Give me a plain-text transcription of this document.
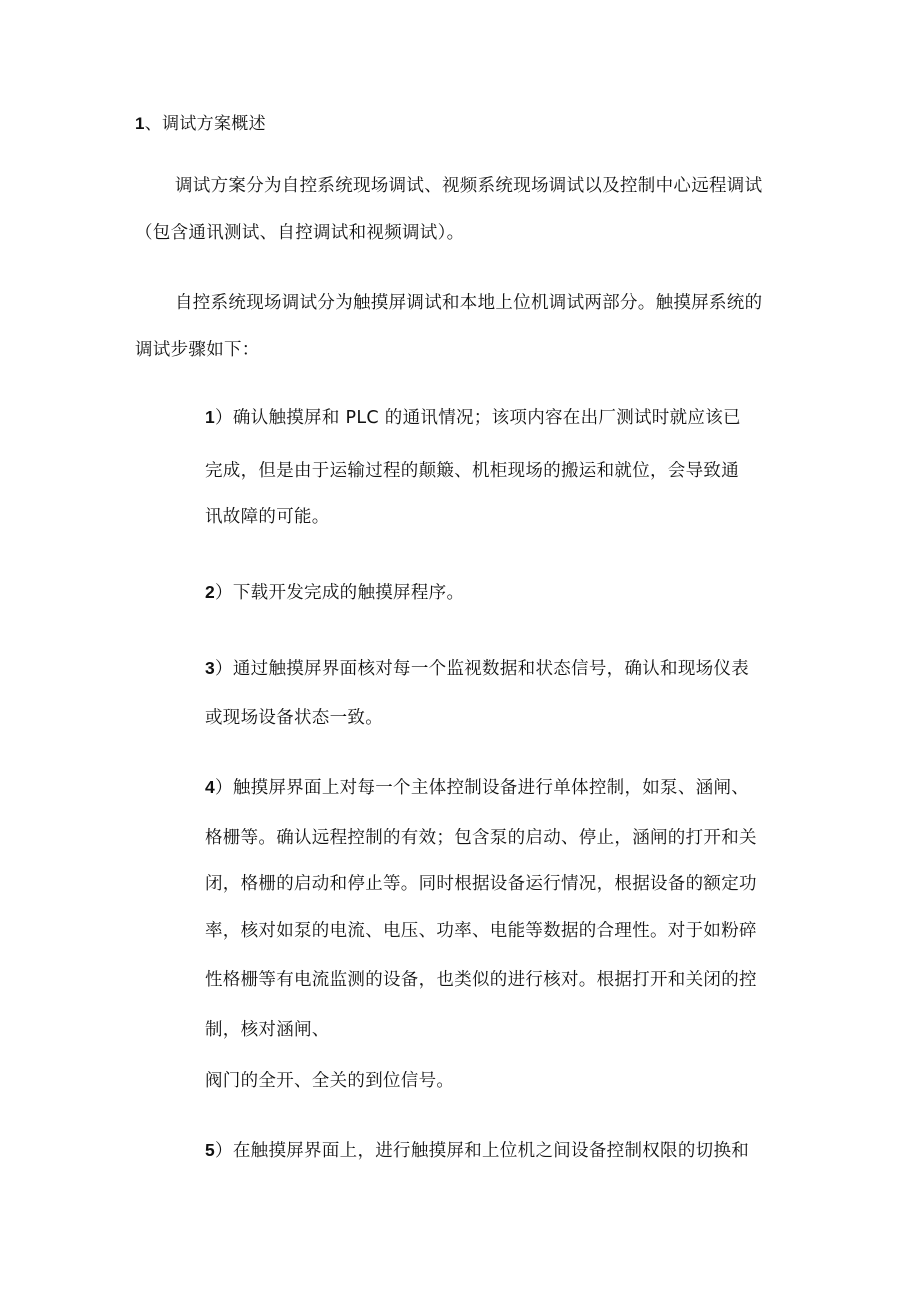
1、调试方案概述
调试方案分为自控系统现场调试、视频系统现场调试以及控制中心远程调试
（包含通讯测试、自控调试和视频调试）。
自控系统现场调试分为触摸屏调试和本地上位机调试两部分。触摸屏系统的
调试步骤如下：
1）确认触摸屏和 PLC 的通讯情况；该项内容在出厂测试时就应该已
完成，但是由于运输过程的颠簸、机柜现场的搬运和就位，会导致通
讯故障的可能。
2）下载开发完成的触摸屏程序。
3）通过触摸屏界面核对每一个监视数据和状态信号，确认和现场仪表
或现场设备状态一致。
4）触摸屏界面上对每一个主体控制设备进行单体控制，如泵、涵闸、
格栅等。确认远程控制的有效；包含泵的启动、停止，涵闸的打开和关
闭，格栅的启动和停止等。同时根据设备运行情况，根据设备的额定功
率，核对如泵的电流、电压、功率、电能等数据的合理性。对于如粉碎
性格栅等有电流监测的设备，也类似的进行核对。根据打开和关闭的控
制，核对涵闸、
阀门的全开、全关的到位信号。
5）在触摸屏界面上，进行触摸屏和上位机之间设备控制权限的切换和
